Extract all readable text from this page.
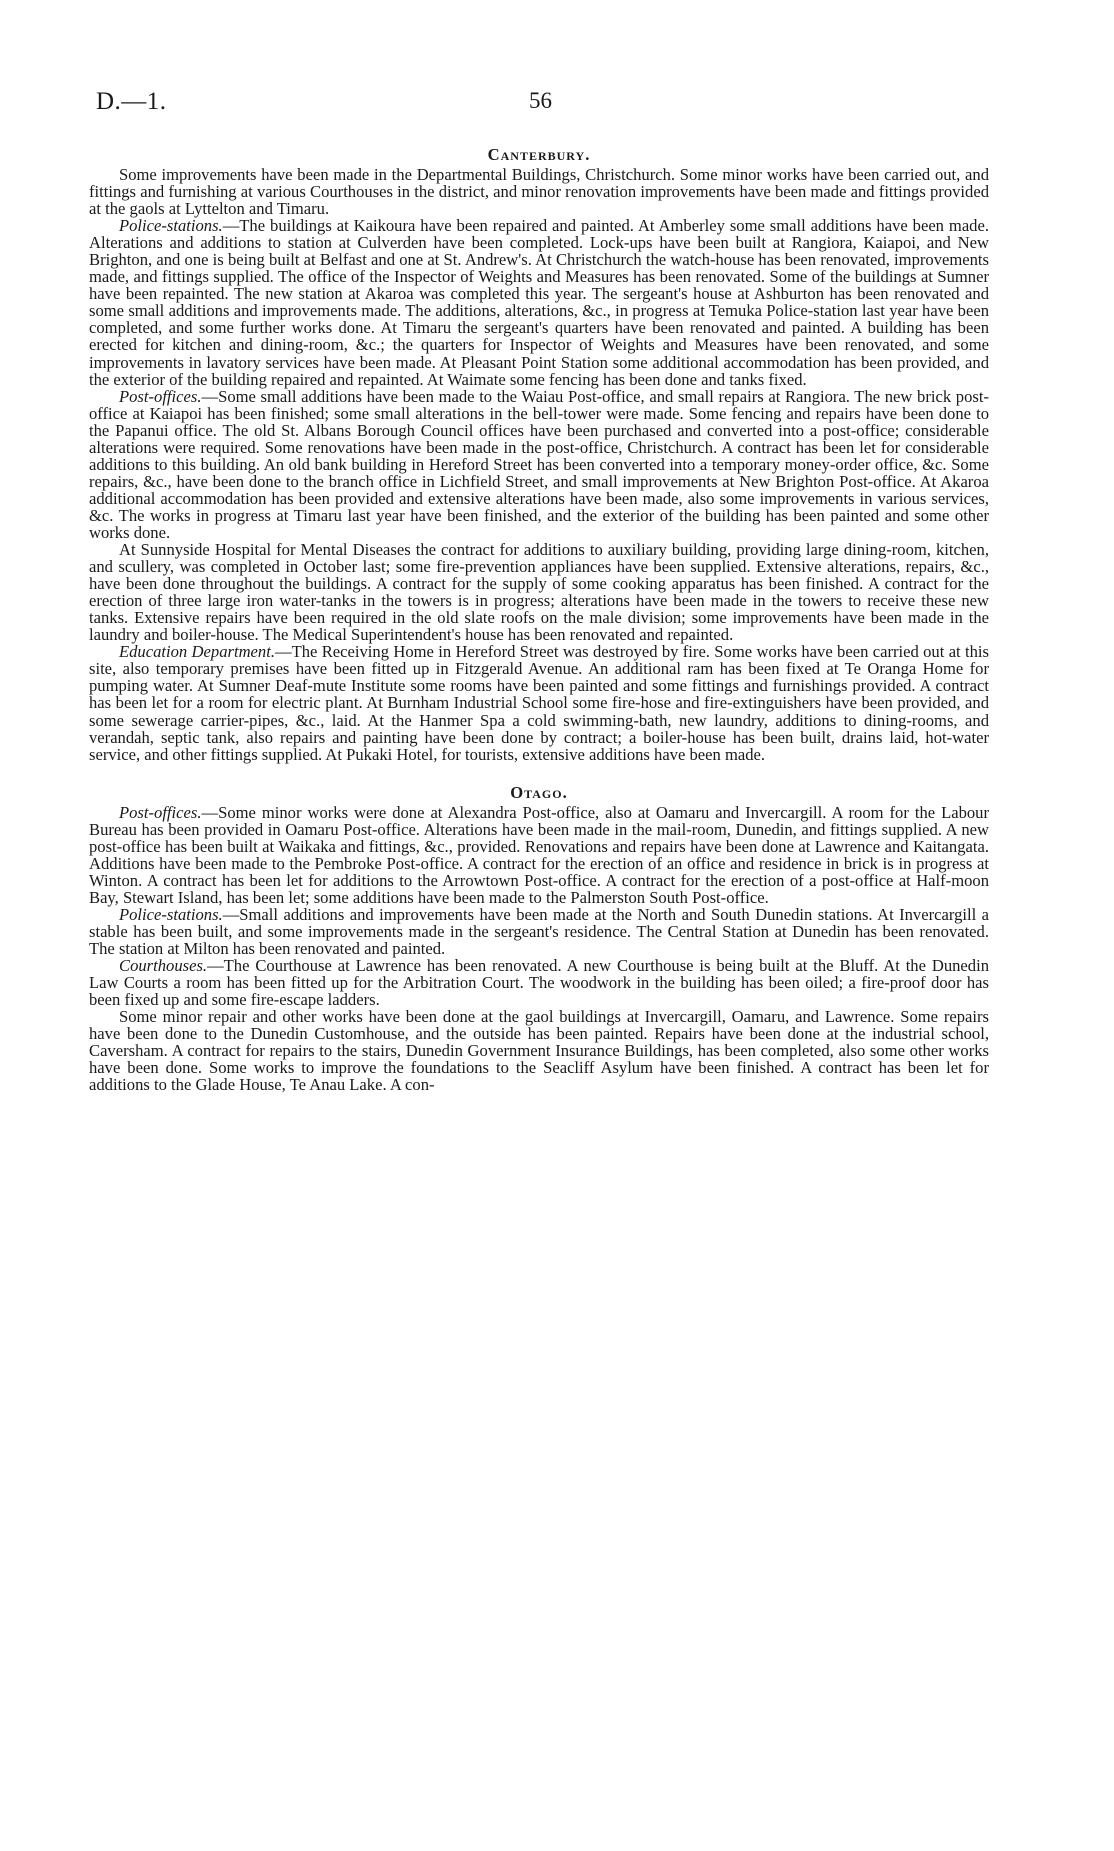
D.—1.	56
Canterbury.

Some improvements have been made in the Departmental Buildings, Christchurch. Some minor works have been carried out, and fittings and furnishing at various Courthouses in the district, and minor renovation improvements have been made and fittings provided at the gaols at Lyttelton and Timaru.

Police-stations.—The buildings at Kaikoura have been repaired and painted. At Amberley some small additions have been made. Alterations and additions to station at Culverden have been completed. Lock-ups have been built at Rangiora, Kaiapoi, and New Brighton, and one is being built at Belfast and one at St. Andrew's. At Christchurch the watch-house has been renovated, improvements made, and fittings supplied. The office of the Inspector of Weights and Measures has been renovated. Some of the buildings at Sumner have been repainted. The new station at Akaroa was completed this year. The sergeant's house at Ashburton has been renovated and some small additions and improvements made. The additions, alterations, &c., in progress at Temuka Police-station last year have been completed, and some further works done. At Timaru the sergeant's quarters have been renovated and painted. A building has been erected for kitchen and dining-room, &c.; the quarters for Inspector of Weights and Measures have been renovated, and some improvements in lavatory services have been made. At Pleasant Point Station some additional accommodation has been provided, and the exterior of the building repaired and repainted. At Waimate some fencing has been done and tanks fixed.

Post-offices.—Some small additions have been made to the Waiau Post-office, and small repairs at Rangiora. The new brick post-office at Kaiapoi has been finished; some small alterations in the bell-tower were made. Some fencing and repairs have been done to the Papanui office. The old St. Albans Borough Council offices have been purchased and converted into a post-office; considerable alterations were required. Some renovations have been made in the post-office, Christchurch. A contract has been let for considerable additions to this building. An old bank building in Hereford Street has been converted into a temporary money-order office, &c. Some repairs, &c., have been done to the branch office in Lichfield Street, and small improvements at New Brighton Post-office. At Akaroa additional accommodation has been provided and extensive alterations have been made, also some improvements in various services, &c. The works in progress at Timaru last year have been finished, and the exterior of the building has been painted and some other works done.

At Sunnyside Hospital for Mental Diseases the contract for additions to auxiliary building, providing large dining-room, kitchen, and scullery, was completed in October last; some fire-prevention appliances have been supplied. Extensive alterations, repairs, &c., have been done throughout the buildings. A contract for the supply of some cooking apparatus has been finished. A contract for the erection of three large iron water-tanks in the towers is in progress; alterations have been made in the towers to receive these new tanks. Extensive repairs have been required in the old slate roofs on the male division; some improvements have been made in the laundry and boiler-house. The Medical Superintendent's house has been renovated and repainted.

Education Department.—The Receiving Home in Hereford Street was destroyed by fire. Some works have been carried out at this site, also temporary premises have been fitted up in Fitzgerald Avenue. An additional ram has been fixed at Te Oranga Home for pumping water. At Sumner Deaf-mute Institute some rooms have been painted and some fittings and furnishings provided. A contract has been let for a room for electric plant. At Burnham Industrial School some fire-hose and fire-extinguishers have been provided, and some sewerage carrier-pipes, &c., laid. At the Hanmer Spa a cold swimming-bath, new laundry, additions to dining-rooms, and verandah, septic tank, also repairs and painting have been done by contract; a boiler-house has been built, drains laid, hot-water service, and other fittings supplied. At Pukaki Hotel, for tourists, extensive additions have been made.

Otago.

Post-offices.—Some minor works were done at Alexandra Post-office, also at Oamaru and Invercargill. A room for the Labour Bureau has been provided in Oamaru Post-office. Alterations have been made in the mail-room, Dunedin, and fittings supplied. A new post-office has been built at Waikaka and fittings, &c., provided. Renovations and repairs have been done at Lawrence and Kaitangata. Additions have been made to the Pembroke Post-office. A contract for the erection of an office and residence in brick is in progress at Winton. A contract has been let for additions to the Arrowtown Post-office. A contract for the erection of a post-office at Half-moon Bay, Stewart Island, has been let; some additions have been made to the Palmerston South Post-office.

Police-stations.—Small additions and improvements have been made at the North and South Dunedin stations. At Invercargill a stable has been built, and some improvements made in the sergeant's residence. The Central Station at Dunedin has been renovated. The station at Milton has been renovated and painted.

Courthouses.—The Courthouse at Lawrence has been renovated. A new Courthouse is being built at the Bluff. At the Dunedin Law Courts a room has been fitted up for the Arbitration Court. The woodwork in the building has been oiled; a fire-proof door has been fixed up and some fire-escape ladders.

Some minor repair and other works have been done at the gaol buildings at Invercargill, Oamaru, and Lawrence. Some repairs have been done to the Dunedin Customhouse, and the outside has been painted. Repairs have been done at the industrial school, Caversham. A contract for repairs to the stairs, Dunedin Government Insurance Buildings, has been completed, also some other works have been done. Some works to improve the foundations to the Seacliff Asylum have been finished. A contract has been let for additions to the Glade House, Te Anau Lake. A con-
